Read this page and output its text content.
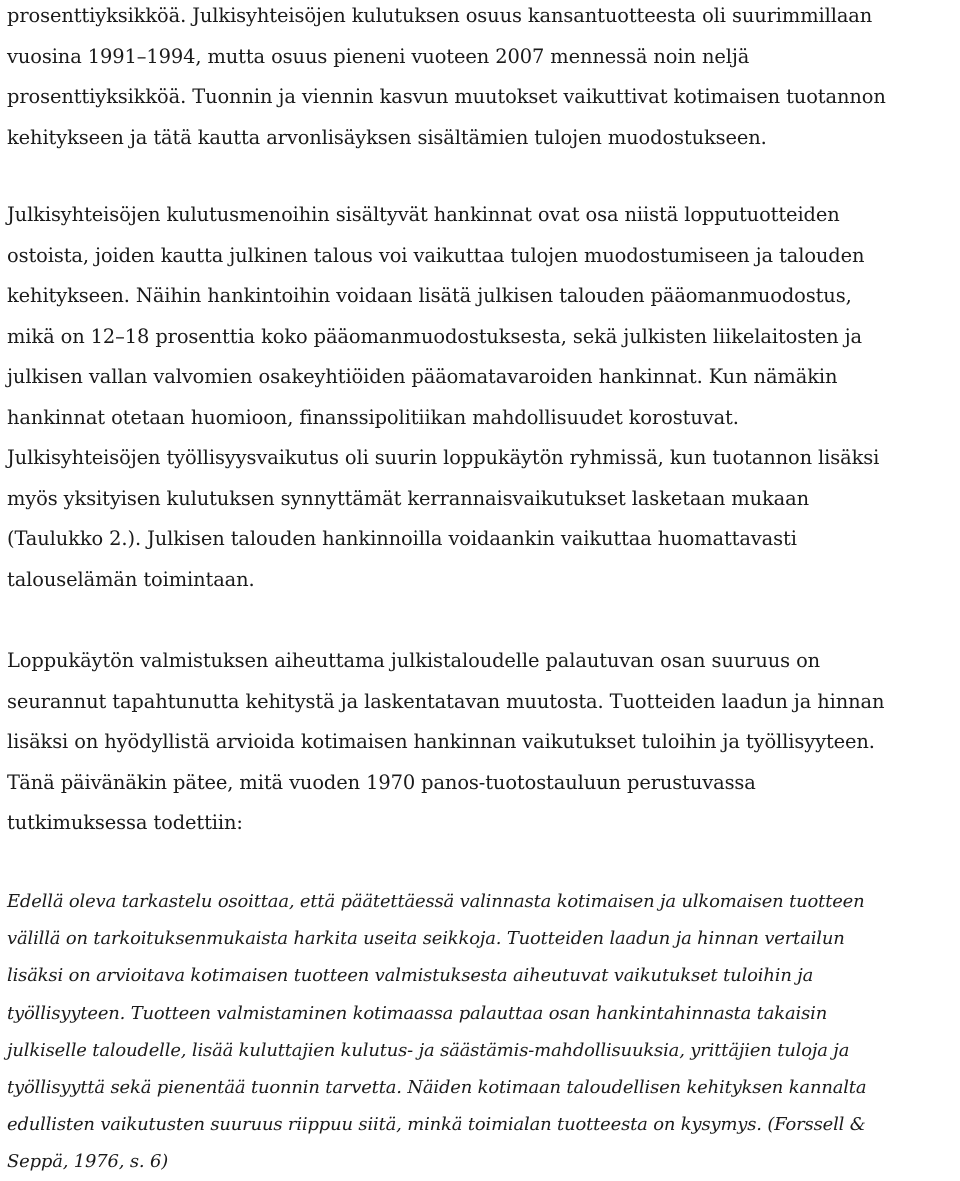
prosenttiyksikköä. Julkisyhteisöjen kulutuksen osuus kansantuotteesta oli suurimmillaan
vuosina 1991–1994, mutta osuus pieneni vuoteen 2007 mennessä noin neljä
prosenttiyksikköä. Tuonnin ja viennin kasvun muutokset vaikuttivat kotimaisen tuotannon
kehitykseen ja tätä kautta arvonlisäyksen sisältämien tulojen muodostukseen.

Julkisyhteisöjen kulutusmenoihin sisältyvät hankinnat ovat osa niistä lopputuotteiden
ostoista, joiden kautta julkinen talous voi vaikuttaa tulojen muodostumiseen ja talouden
kehitykseen. Näihin hankintoihin voidaan lisätä julkisen talouden pääomanmuodostus,
mikä on 12–18 prosenttia koko pääomanmuodostuksesta, sekä julkisten liikelaitosten ja
julkisen vallan valvomien osakeyhtiöiden pääomatavaroiden hankinnat. Kun nämäkin
hankinnat otetaan huomioon, finanssipolitiikan mahdollisuudet korostuvat.
Julkisyhteisöjen työllisyysvaikutus oli suurin loppukäytön ryhmissä, kun tuotannon lisäksi
myös yksityisen kulutuksen synnyttämät kerrannaisvaikutukset lasketaan mukaan
(Taulukko 2.). Julkisen talouden hankinnoilla voidaankin vaikuttaa huomattavasti
talouselämän toimintaan.

Loppukäytön valmistuksen aiheuttama julkistaloudelle palautuvan osan suuruus on
seurannut tapahtunutta kehitystä ja laskentatavan muutosta. Tuotteiden laadun ja hinnan
lisäksi on hyödyllistä arvioida kotimaisen hankinnan vaikutukset tuloihin ja työllisyyteen.
Tänä päivänäkin pätee, mitä vuoden 1970 panos-tuotostauluun perustuvassa
tutkimuksessa todettiin:

Edellä oleva tarkastelu osoittaa, että päätettäessä valinnasta kotimaisen ja ulkomaisen tuotteen
välillä on tarkoituksenmukaista harkita useita seikkoja. Tuotteiden laadun ja hinnan vertailun
lisäksi on arvioitava kotimaisen tuotteen valmistuksesta aiheutuvat vaikutukset tuloihin ja
työllisyyteen. Tuotteen valmistaminen kotimaassa palauttaa osan hankintahinnasta takaisin
julkiselle taloudelle, lisää kuluttajien kulutus- ja säästämis-mahdollisuuksia, yrittäjien tuloja ja
työllisyyttä sekä pienentää tuonnin tarvetta. Näiden kotimaan taloudellisen kehityksen kannalta
edullisten vaikutusten suuruus riippuu siitä, minkä toimialan tuotteesta on kysymys. (Forssell &
Seppä, 1976, s. 6)
